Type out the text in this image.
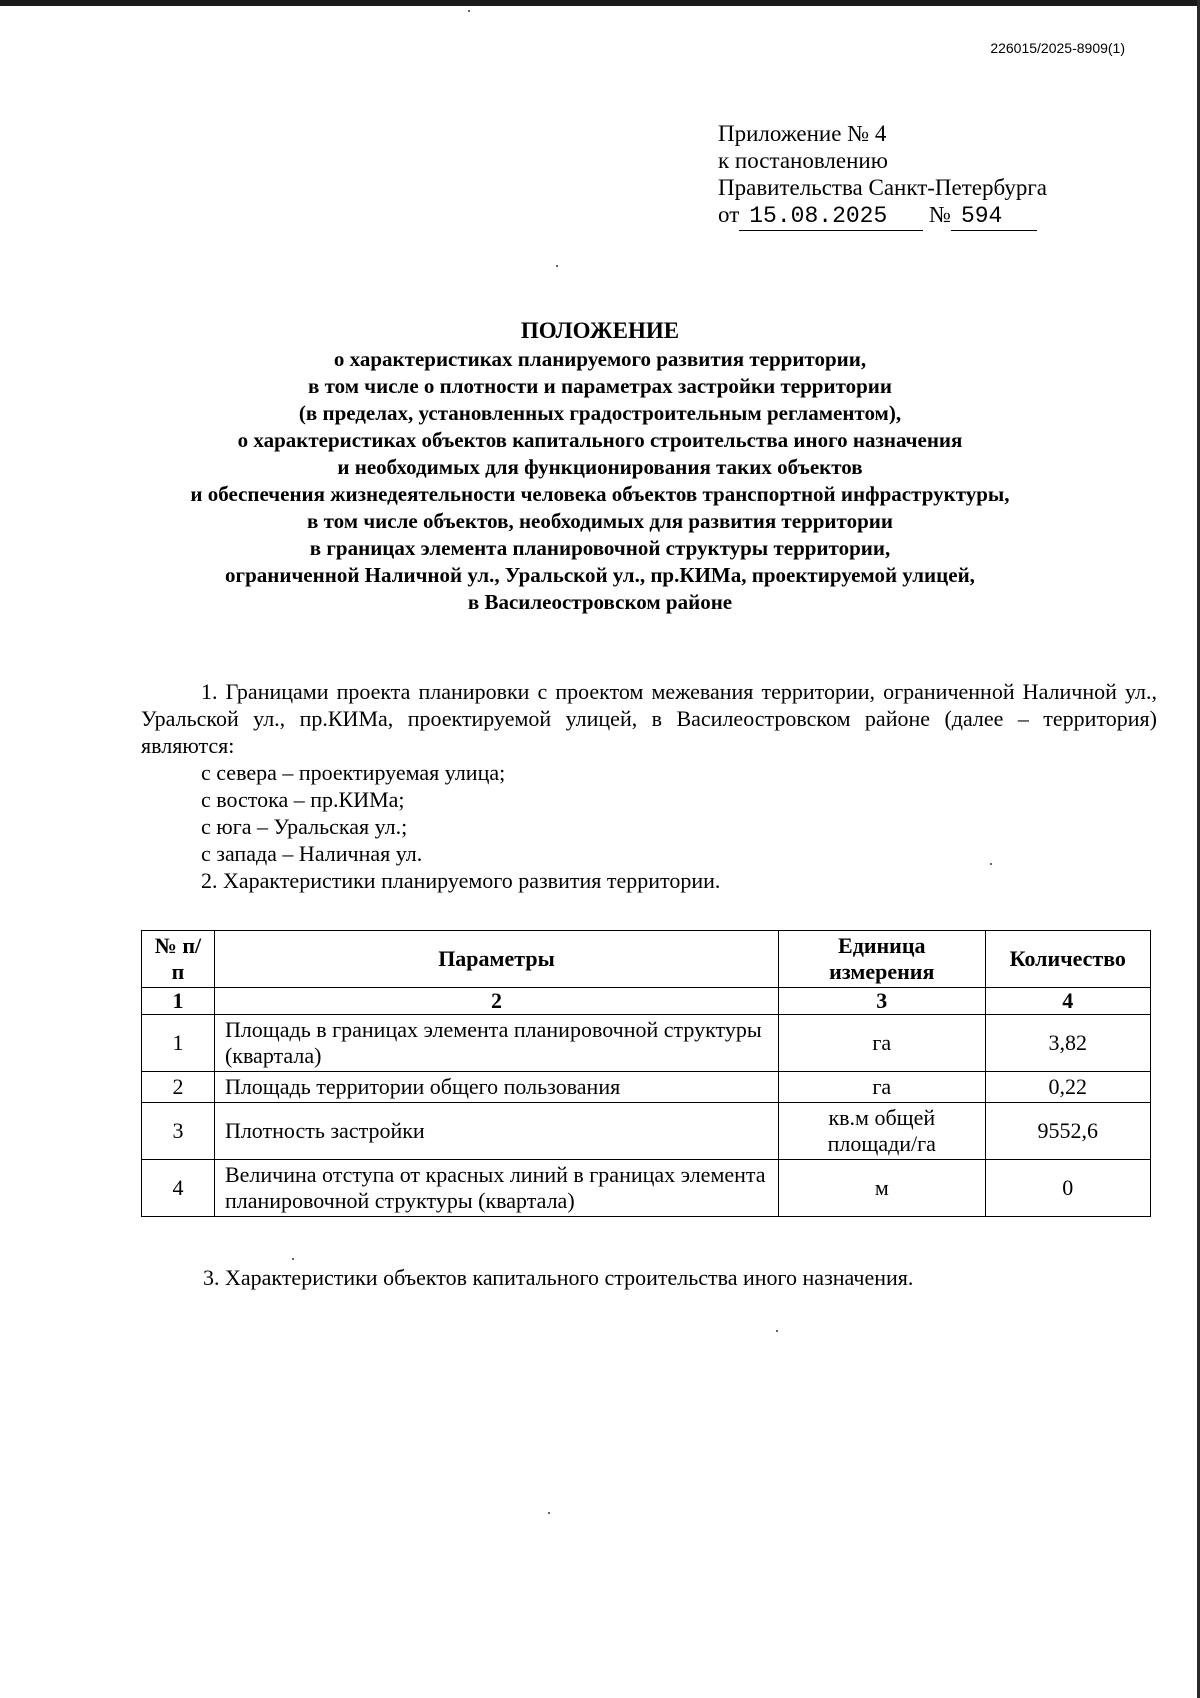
226015/2025-8909(1)
Приложение № 4
к постановлению
Правительства Санкт-Петербурга
от 15.08.2025 № 594
ПОЛОЖЕНИЕ
о характеристиках планируемого развития территории,
в том числе о плотности и параметрах застройки территории
(в пределах, установленных градостроительным регламентом),
о характеристиках объектов капитального строительства иного назначения
и необходимых для функционирования таких объектов
и обеспечения жизнедеятельности человека объектов транспортной инфраструктуры,
в том числе объектов, необходимых для развития территории
в границах элемента планировочной структуры территории,
ограниченной Наличной ул., Уральской ул., пр.КИМа, проектируемой улицей,
в Василеостровском районе

1. Границами проекта планировки с проектом межевания территории, ограниченной Наличной ул., Уральской ул., пр.КИМа, проектируемой улицей, в Василеостровском районе (далее – территория) являются:

с севера – проектируемая улица;

с востока – пр.КИМа;

с юга – Уральская ул.;

с запада – Наличная ул.

2. Характеристики планируемого развития территории.

№ п/п	Параметры	Единица измерения	Количество
1	2	3	4
1	Площадь в границах элемента планировочной структуры (квартала)	га	3,82
2	Площадь территории общего пользования	га	0,22
3	Плотность застройки	кв.м общей площади/га	9552,6
4	Величина отступа от красных линий в границах элемента планировочной структуры (квартала)	м	0
3. Характеристики объектов капитального строительства иного назначения.
